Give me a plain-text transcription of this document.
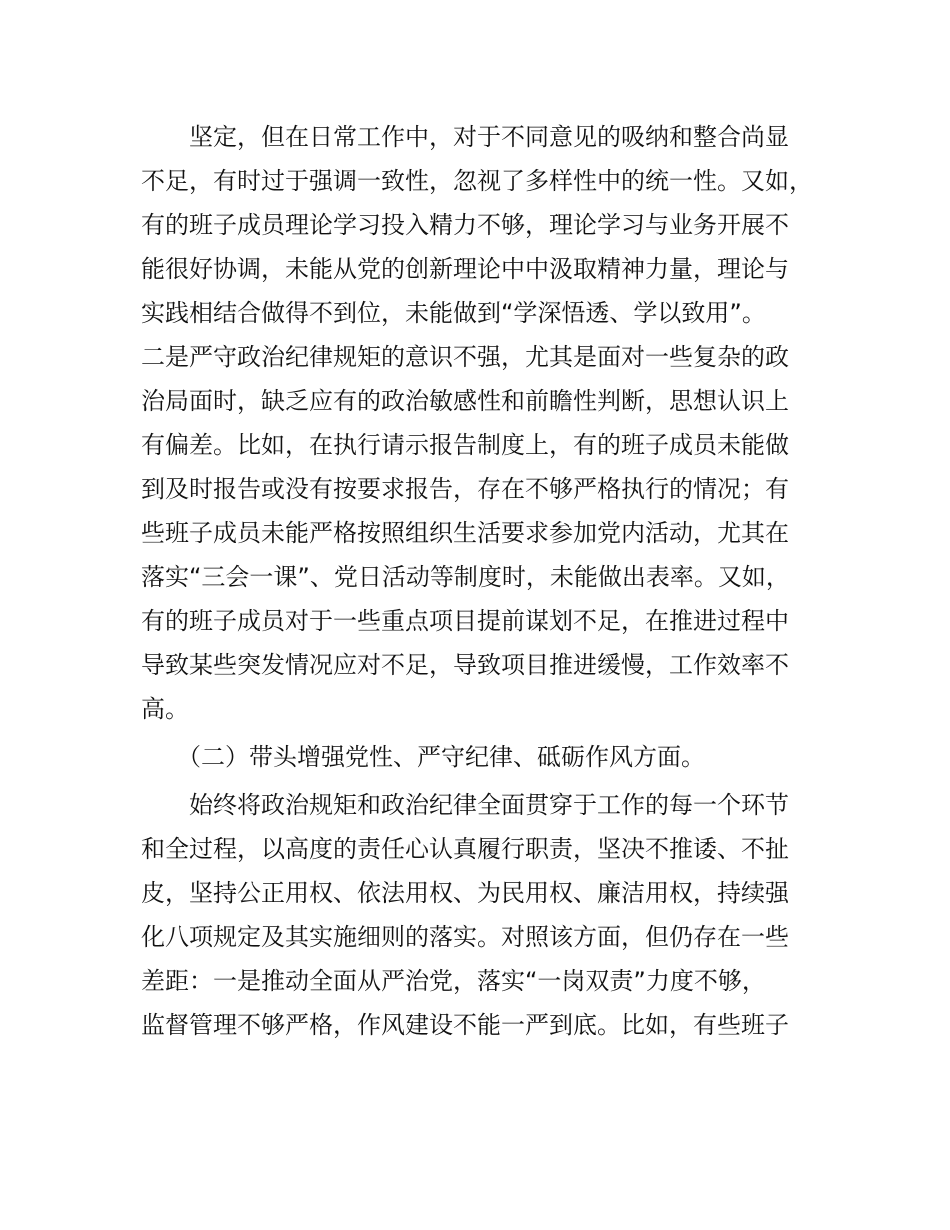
　　坚定，但在日常工作中，对于不同意见的吸纳和整合尚显
不足，有时过于强调一致性，忽视了多样性中的统一性。又如，
有的班子成员理论学习投入精力不够，理论学习与业务开展不
能很好协调，未能从党的创新理论中中汲取精神力量，理论与
实践相结合做得不到位，未能做到“学深悟透、学以致用”。
二是严守政治纪律规矩的意识不强，尤其是面对一些复杂的政
治局面时，缺乏应有的政治敏感性和前瞻性判断，思想认识上
有偏差。比如，在执行请示报告制度上，有的班子成员未能做
到及时报告或没有按要求报告，存在不够严格执行的情况；有
些班子成员未能严格按照组织生活要求参加党内活动，尤其在
落实“三会一课”、党日活动等制度时，未能做出表率。又如，
有的班子成员对于一些重点项目提前谋划不足，在推进过程中
导致某些突发情况应对不足，导致项目推进缓慢，工作效率不
高。
　　（二）带头增强党性、严守纪律、砥砺作风方面。
　　始终将政治规矩和政治纪律全面贯穿于工作的每一个环节
和全过程，以高度的责任心认真履行职责，坚决不推诿、不扯
皮，坚持公正用权、依法用权、为民用权、廉洁用权，持续强
化八项规定及其实施细则的落实。对照该方面，但仍存在一些
差距：一是推动全面从严治党，落实“一岗双责”力度不够，
监督管理不够严格，作风建设不能一严到底。比如，有些班子
